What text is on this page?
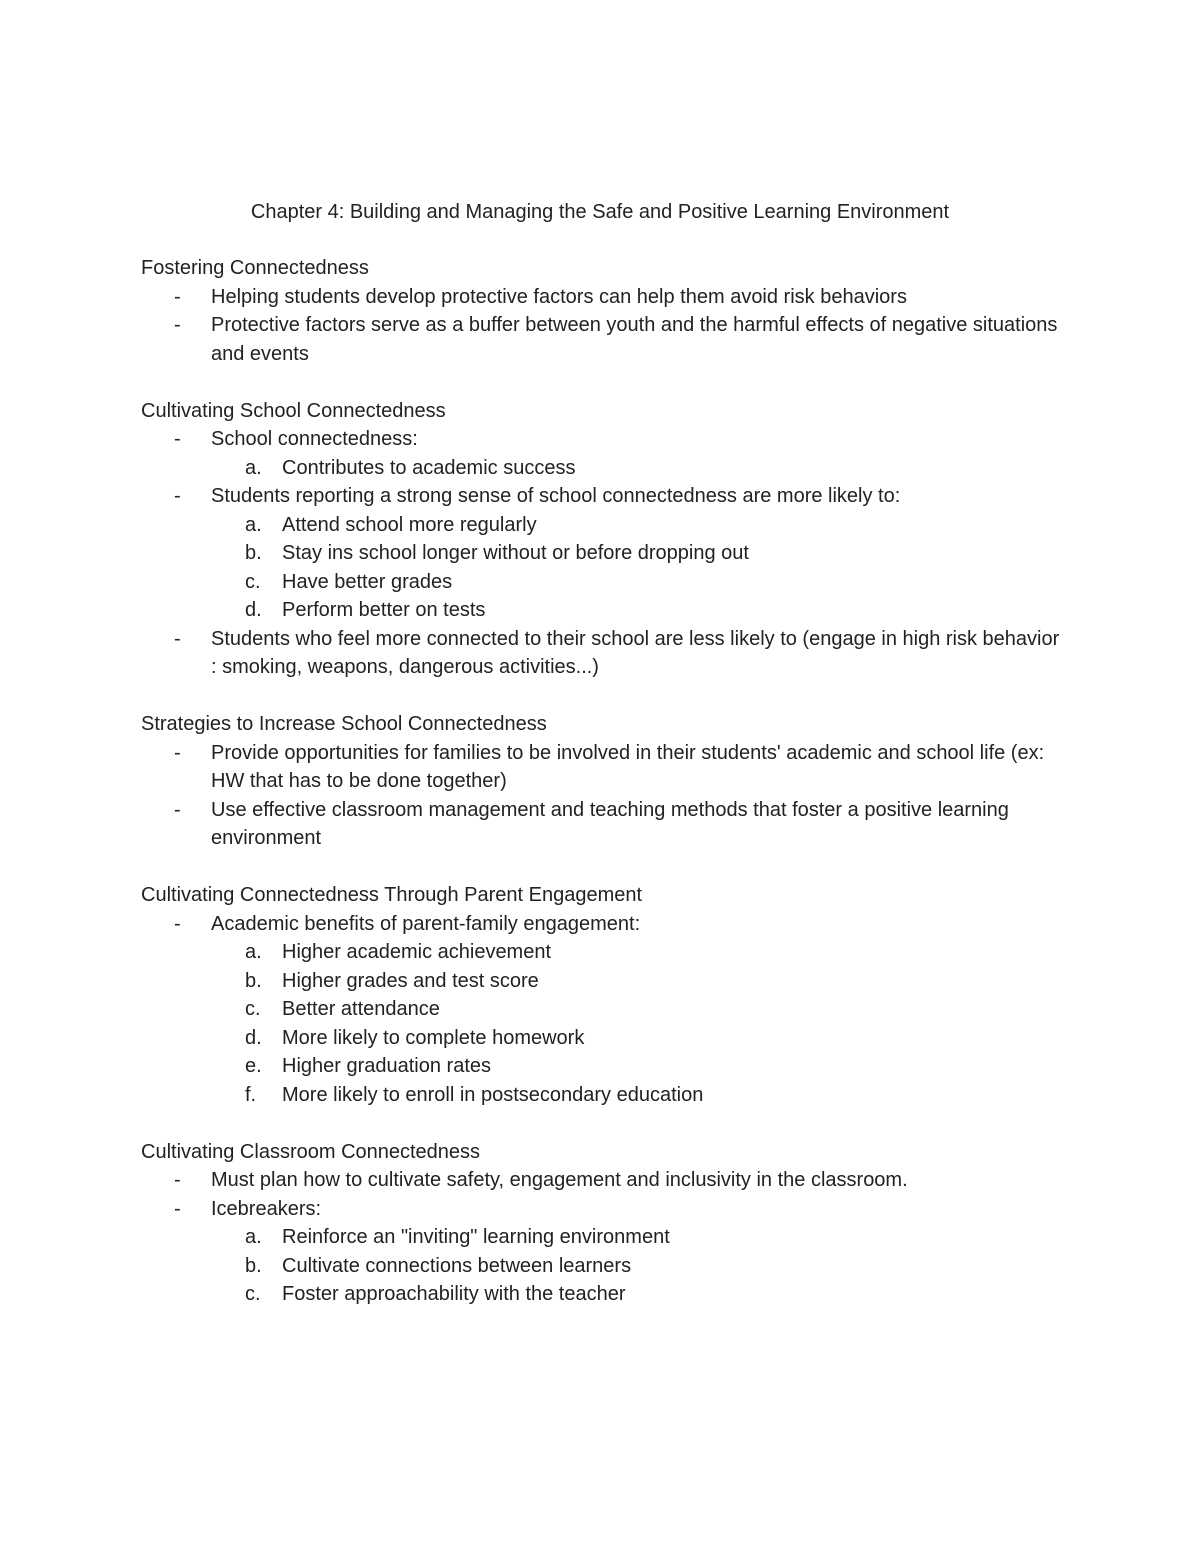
Chapter 4: Building and Managing the Safe and Positive Learning Environment
Fostering Connectedness
- Helping students develop protective factors can help them avoid risk behaviors
- Protective factors serve as a buffer between youth and the harmful effects of negative situations and events
Cultivating School Connectedness
- School connectedness:
a. Contributes to academic success
- Students reporting a strong sense of school connectedness are more likely to:
a. Attend school more regularly
b. Stay ins school longer without or before dropping out
c. Have better grades
d. Perform better on tests
- Students who feel more connected to their school are less likely to (engage in high risk behavior : smoking, weapons, dangerous activities...)
Strategies to Increase School Connectedness
- Provide opportunities for families to be involved in their students' academic and school life (ex: HW that has to be done together)
- Use effective classroom management and teaching methods that foster a positive learning environment
Cultivating Connectedness Through Parent Engagement
- Academic benefits of parent-family engagement:
a. Higher academic achievement
b. Higher grades and test score
c. Better attendance
d. More likely to complete homework
e. Higher graduation rates
f. More likely to enroll in postsecondary education
Cultivating Classroom Connectedness
- Must plan how to cultivate safety, engagement and inclusivity in the classroom.
- Icebreakers:
a. Reinforce an "inviting" learning environment
b. Cultivate connections between learners
c. Foster approachability with the teacher
